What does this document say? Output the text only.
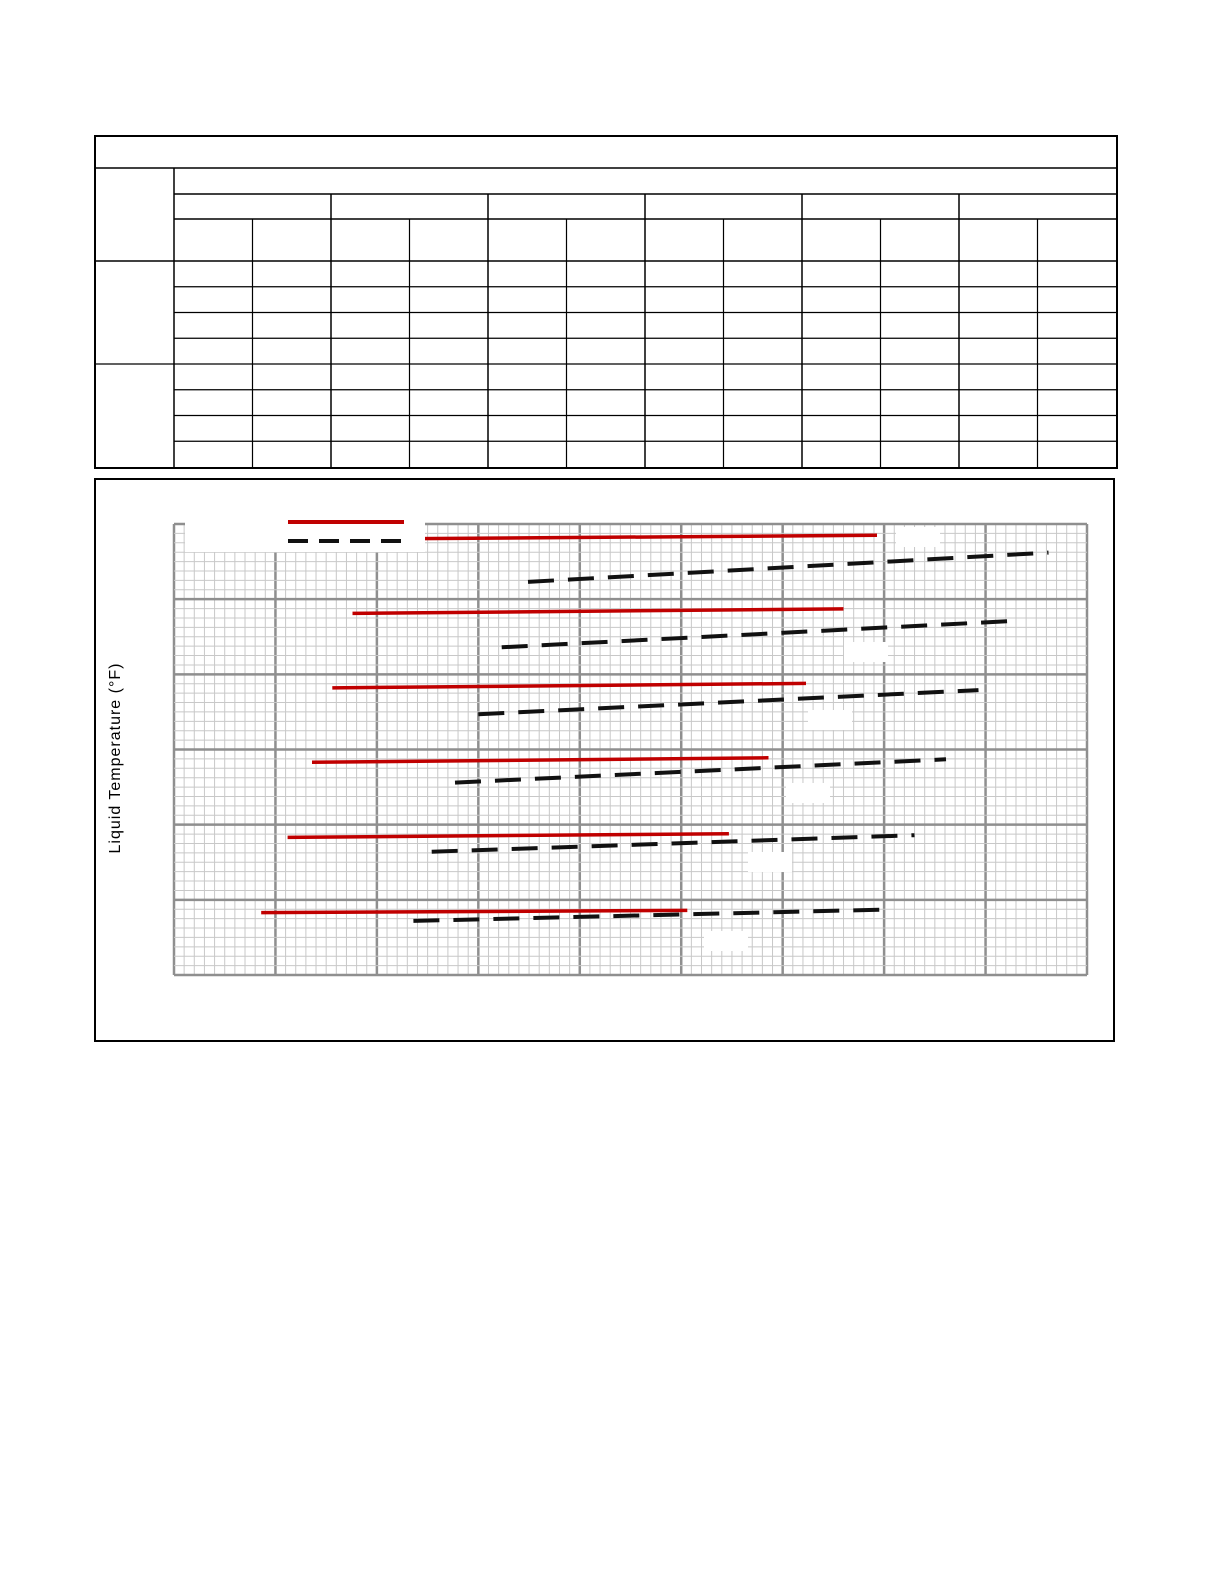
Liquid Temperature (°F)
